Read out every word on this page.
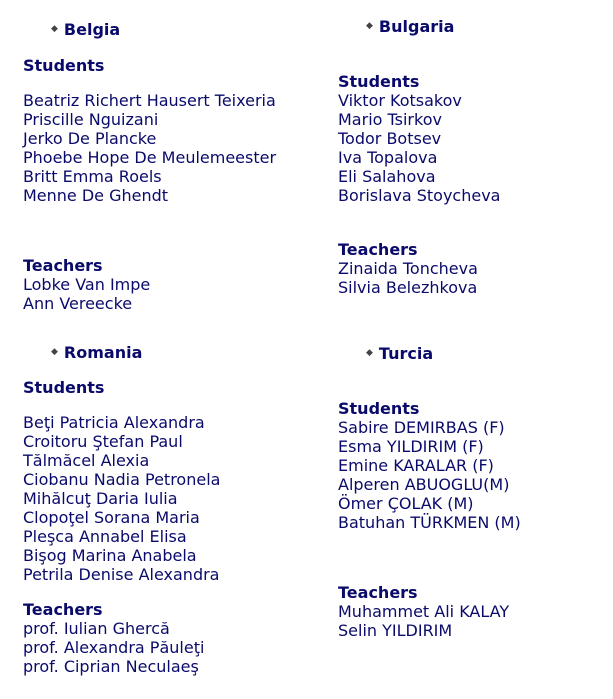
◆ Belgia
Students
Beatriz Richert Hausert Teixeria
Priscille Nguizani
Jerko De Plancke
Phoebe Hope De Meulemeester
Britt Emma Roels
Menne De Ghendt
Teachers
Lobke Van Impe
Ann Vereecke
◆ Bulgaria
Students
Viktor Kotsakov
Mario Tsirkov
Todor Botsev
Iva Topalova
Eli Salahova
Borislava Stoycheva
Teachers
Zinaida Toncheva
Silvia Belezhkova
◆ Romania
Students
Beţi Patricia Alexandra
Croitoru Ştefan Paul
Tălmăcel Alexia
Ciobanu Nadia Petronela
Mihălcuţ Daria Iulia
Clopoţel Sorana Maria
Pleşca Annabel Elisa
Bişog Marina Anabela
Petrila Denise Alexandra
Teachers
prof. Iulian Ghercă
prof. Alexandra Păuleţi
prof. Ciprian Neculaeş
◆ Turcia
Students
Sabire DEMIRBAS (F)
Esma YILDIRIM (F)
Emine KARALAR (F)
Alperen ABUOGLU(M)
Ömer ÇOLAK (M)
Batuhan TÜRKMEN (M)
Teachers
Muhammet Ali KALAY
Selin YILDIRIM
